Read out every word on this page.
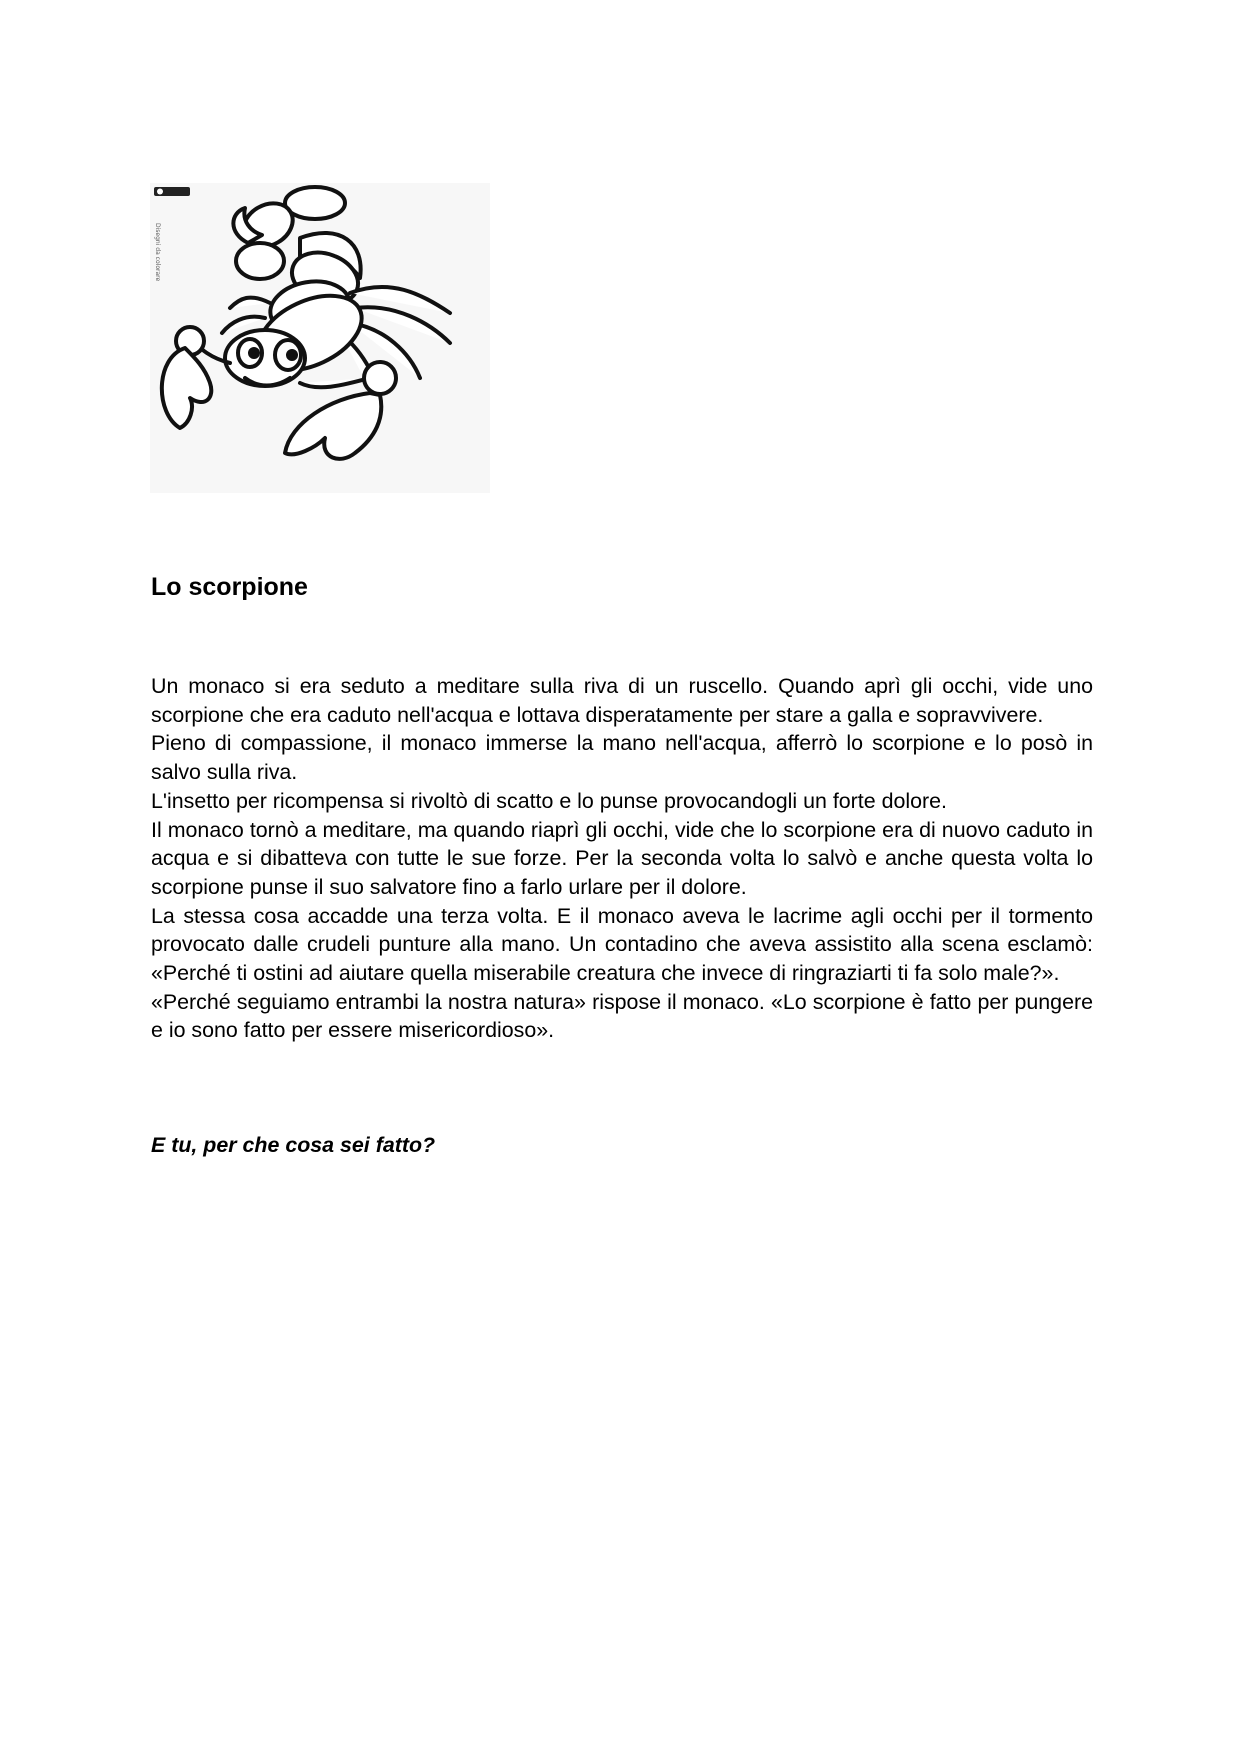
Disegni da colorare
Lo scorpione

Un monaco si era seduto a meditare sulla riva di un ruscello. Quando aprì gli occhi, vide uno scorpione che era caduto nell'acqua e lottava disperatamente per stare a galla e sopravvivere.

Pieno di compassione, il monaco immerse la mano nell'acqua, afferrò lo scorpione e lo posò in salvo sulla riva.

L'insetto per ricompensa si rivoltò di scatto e lo punse provocandogli un forte dolore.

Il monaco tornò a meditare, ma quando riaprì gli occhi, vide che lo scorpione era di nuovo caduto in acqua e si dibatteva con tutte le sue forze. Per la seconda volta lo salvò e anche questa volta lo scorpione punse il suo salvatore fino a farlo urlare per il dolore.

La stessa cosa accadde una terza volta. E il monaco aveva le lacrime agli occhi per il tormento provocato dalle crudeli punture alla mano. Un contadino che aveva assistito alla scena esclamò: «Perché ti ostini ad aiutare quella miserabile creatura che invece di ringraziarti ti fa solo male?».

«Perché seguiamo entrambi la nostra natura» rispose il monaco. «Lo scorpione è fatto per pungere e io sono fatto per essere misericordioso».

E tu, per che cosa sei fatto?
